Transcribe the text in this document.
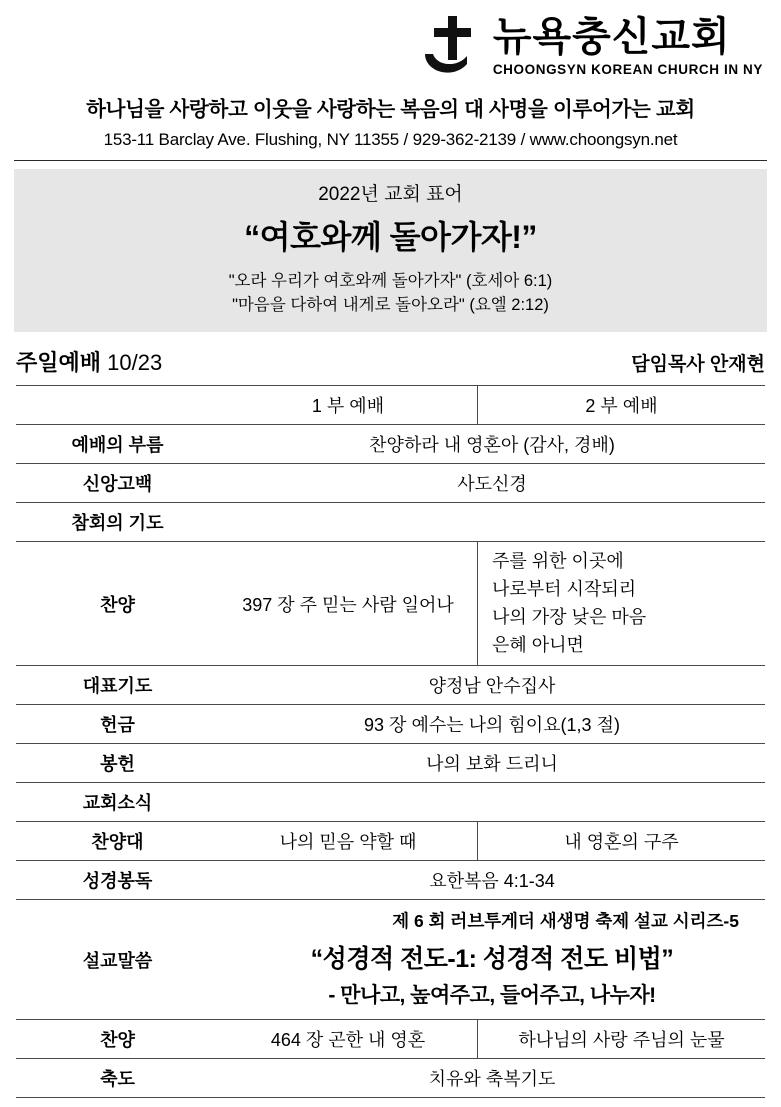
뉴욕충신교회
CHOONGSYN KOREAN CHURCH IN NY
하나님을 사랑하고 이웃을 사랑하는 복음의 대 사명을 이루어가는 교회
153-11 Barclay Ave. Flushing, NY 11355 / 929-362-2139 / www.choongsyn.net
2022년 교회 표어
“여호와께 돌아가자!”
"오라 우리가 여호와께 돌아가자" (호세아 6:1)
"마음을 다하여 내게로 돌아오라" (요엘 2:12)
주일예배 10/23	담임목사 안재현
	1 부 예배	2 부 예배
예배의 부름	찬양하라 내 영혼아 (감사, 경배)	
신앙고백	사도신경	
참회의 기도		
찬양	397 장 주 믿는 사람 일어나	주를 위한 이곳에
나로부터 시작되리
나의 가장 낮은 마음
은혜 아니면

대표기도	양정남 안수집사	
헌금	93 장 예수는 나의 힘이요(1,3 절)	
봉헌	나의 보화 드리니	
교회소식		
찬양대	나의 믿음 약할 때	내 영혼의 구주
성경봉독	요한복음 4:1-34	
설교말씀	제 6 회 러브투게더 새생명 축제 설교 시리즈-5
“성경적 전도-1: 성경적 전도 비법”
- 만나고, 높여주고, 들어주고, 나누자!	

찬양	464 장 곤한 내 영혼	하나님의 사랑 주님의 눈물
축도	치유와 축복기도	
